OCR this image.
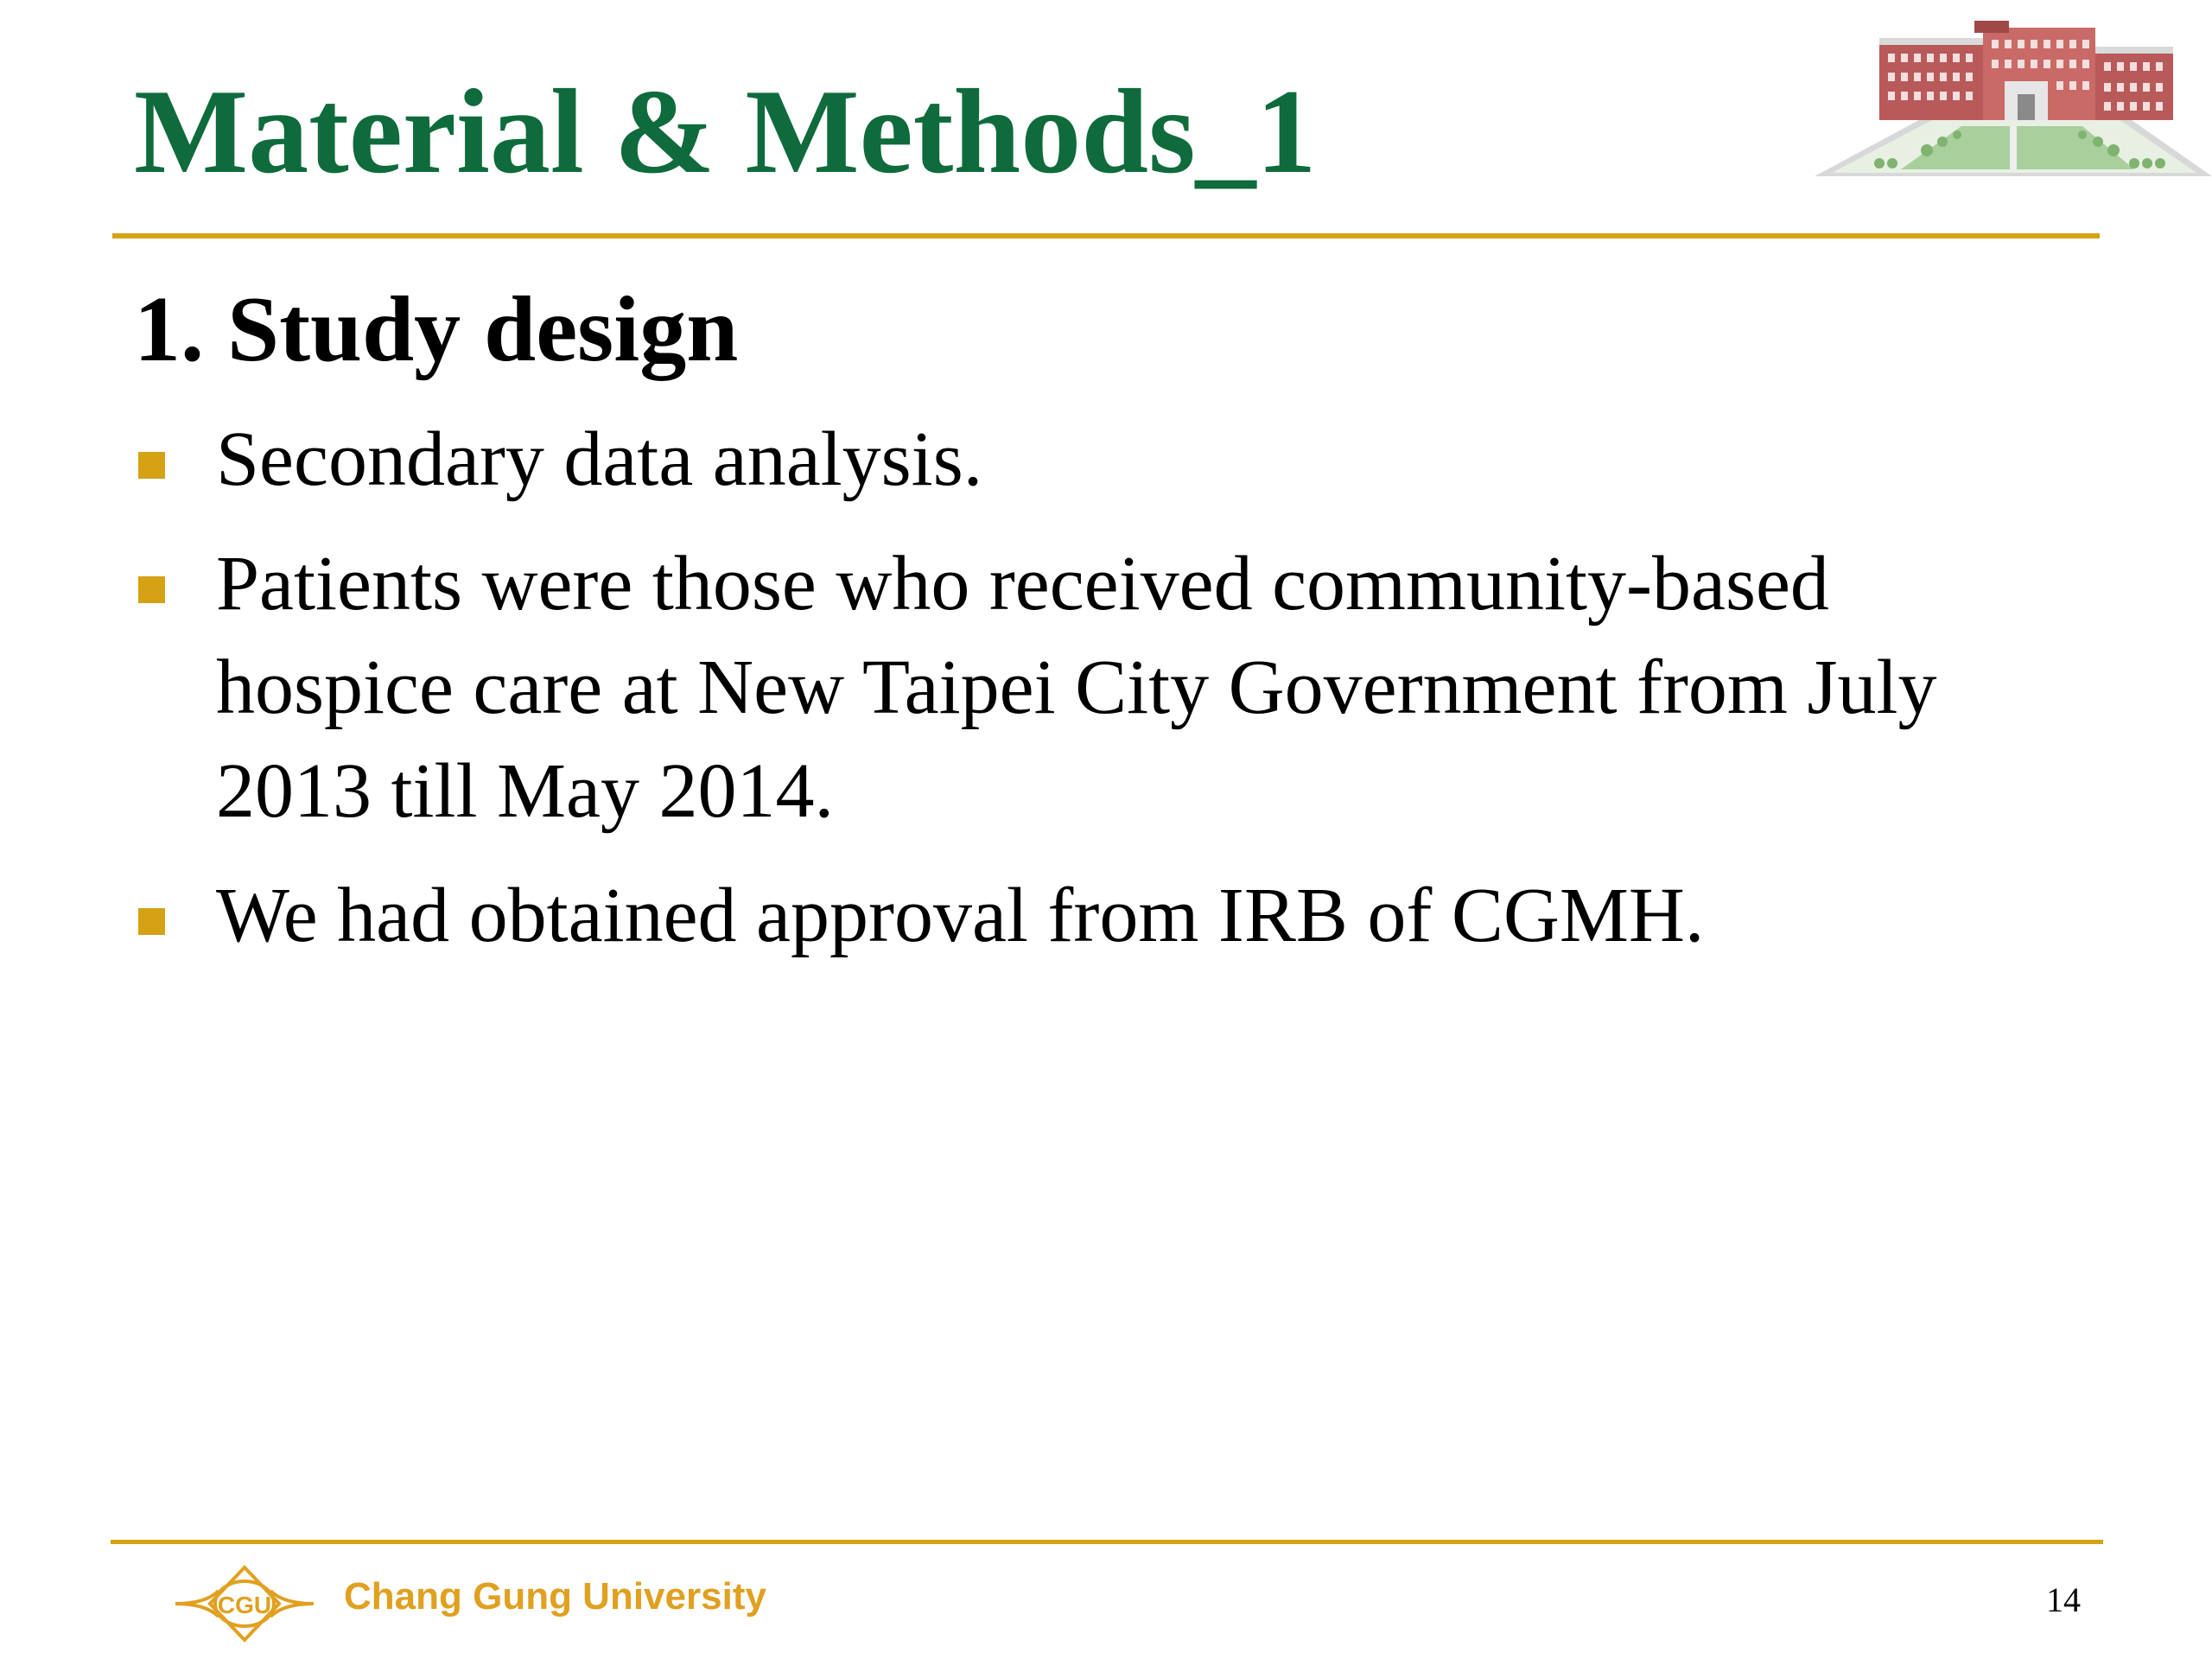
Material & Methods_1
1. Study design
Secondary data analysis.
Patients were those who received community-based hospice care at New Taipei City Government from July 2013 till May 2014.
We had obtained approval from IRB of CGMH.
CGU Chang Gung University	14
